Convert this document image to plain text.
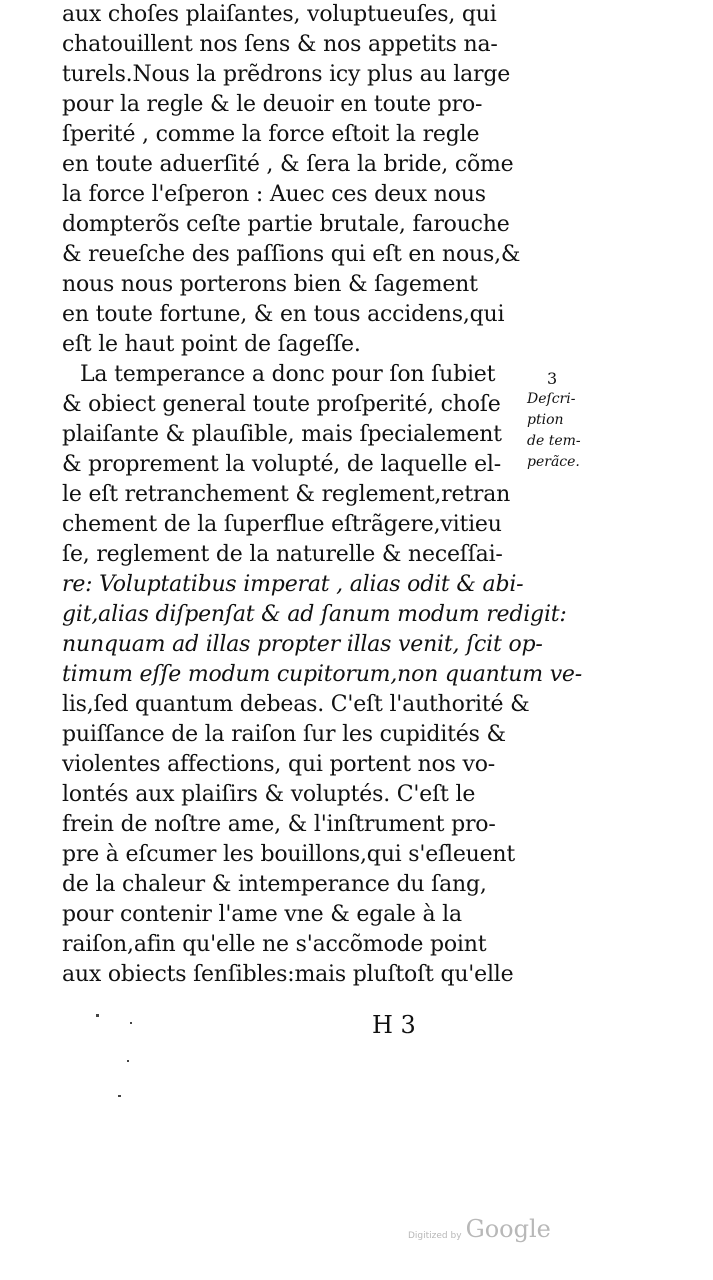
aux choſes plaiſantes, voluptueuſes, qui
chatouillent nos ſens & nos appetits na-
turels.Nous la prẽdrons icy plus au large
pour la regle & le deuoir en toute pro-
ſperité , comme la force eſtoit la regle
en toute aduerſité , & ſera la bride, cõme
la force l'eſperon : Auec ces deux nous
dompterõs ceſte partie brutale, farouche
& reueſche des paſſions qui eſt en nous,&
nous nous porterons bien & ſagement
en toute fortune, & en tous accidens,qui
eſt le haut point de ſageſſe.
La temperance a donc pour ſon ſubiet
& obiect general toute proſperité, choſe
plaiſante & plauſible, mais ſpecialement
& proprement la volupté, de laquelle el-
le eſt retranchement & reglement,retran
chement de la ſuperflue eſtrãgere,vitieu
ſe, reglement de la naturelle & neceſſai-
re: Voluptatibus imperat , alias odit & abi-
git,alias diſpenſat & ad ſanum modum redigit:
nunquam ad illas propter illas venit, ſcit op-
timum eſſe modum cupitorum,non quantum ve-
lis,ſed quantum debeas. C'eſt l'authorité &
puiſſance de la raiſon ſur les cupidités &
violentes affections, qui portent nos vo-
lontés aux plaiſirs & voluptés. C'eſt le
frein de noſtre ame, & l'inſtrument pro-
pre à eſcumer les bouillons,qui s'eſleuent
de la chaleur & intemperance du ſang,
pour contenir l'ame vne & egale à la
raiſon,afin qu'elle ne s'accõmode point
aux obiects ſenſibles:mais pluſtoſt qu'elle
3
Deſcri-
ption
de tem-
perãce.
H 3
Digitized by Google
